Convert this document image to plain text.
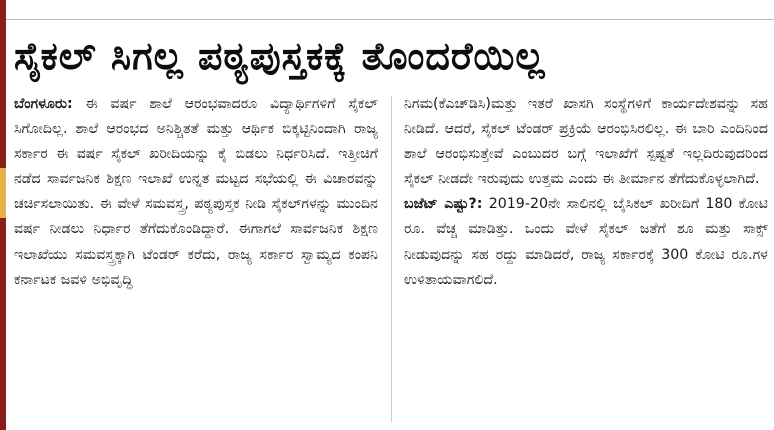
ಸೈಕಲ್ ಸಿಗಲ್ಲ ಪಠ್ಯಪುಸ್ತಕಕ್ಕೆ ತೊಂದರೆಯಿಲ್ಲ

ಬೆಂಗಳೂರು: ಈ ವರ್ಷ ಶಾಲೆ ಆರಂಭವಾದರೂ ವಿದ್ಯಾರ್ಥಿಗಳಿಗೆ ಸೈಕಲ್ ಸಿಗೋದಿಲ್ಲ. ಶಾಲೆ ಆರಂಭದ ಅನಿಶ್ಚಿತತೆ ಮತ್ತು ಆರ್ಥಿಕ ಬಿಕ್ಕಟ್ಟಿನಿಂದಾಗಿ ರಾಜ್ಯ ಸರ್ಕಾರ ಈ ವರ್ಷ ಸೈಕಲ್ ಖರೀದಿಯನ್ನು ಕೈ ಬಿಡಲು ನಿರ್ಧರಿಸಿದೆ. ಇತ್ತೀಚಿಗೆ ನಡೆದ ಸಾರ್ವಜನಿಕ ಶಿಕ್ಷಣ ಇಲಾಖೆ ಉನ್ನತ ಮಟ್ಟದ ಸಭೆಯಲ್ಲಿ ಈ ವಿಚಾರವನ್ನು ಚರ್ಚಿಸಲಾಯಿತು. ಈ ವೇಳೆ ಸಮವಸ್ತ್ರ, ಪಠ್ಯಪುಸ್ತಕ ನೀಡಿ ಸೈಕಲ್‌ಗಳನ್ನು ಮುಂದಿನ ವರ್ಷ ನೀಡಲು ನಿರ್ಧಾರ ತೆಗೆದುಕೊಂಡಿದ್ದಾರೆ. ಈಗಾಗಲೆ ಸಾರ್ವಜನಿಕ ಶಿಕ್ಷಣ ಇಲಾಖೆಯು ಸಮವಸ್ತ್ರಕ್ಕಾಗಿ ಟೆಂಡರ್ ಕರೆದು, ರಾಜ್ಯ ಸರ್ಕಾರ ಸ್ವಾಮ್ಯದ ಕಂಪನಿ ಕರ್ನಾಟಕ ಜವಳಿ ಅಭಿವೃದ್ಧಿ

ನಿಗಮ(ಕೆಎಚ್‌ಡಿಸಿ)ಮತ್ತು ಇತರೆ ಖಾಸಗಿ ಸಂಸ್ಥೆಗಳಿಗೆ ಕಾರ್ಯದೇಶವನ್ನು ಸಹ ನೀಡಿದೆ. ಆದರೆ, ಸೈಕಲ್ ಟೆಂಡರ್ ಪ್ರಕ್ರಿಯೆ ಆರಂಭಿಸಿರಲಿಲ್ಲ. ಈ ಬಾರಿ ಎಂದಿನಿಂದ ಶಾಲೆ ಆರಂಭಿಸುತ್ತೇವೆ ಎಂಬುದರ ಬಗ್ಗೆ ಇಲಾಖೆಗೆ ಸ್ಪಷ್ಟತೆ ಇಲ್ಲದಿರುವುದರಿಂದ ಸೈಕಲ್ ನೀಡದೇ ಇರುವುದು ಉತ್ತಮ ಎಂದು ಈ ತೀರ್ಮಾನ ತೆಗೆದುಕೊಳ್ಳಲಾಗಿದೆ.

ಬಜೆಟ್ ಎಷ್ಟು?: 2019-20ನೇ ಸಾಲಿನಲ್ಲಿ ಬೈಸಿಕಲ್ ಖರೀದಿಗೆ 180 ಕೋಟಿ ರೂ. ವೆಚ್ಚ ಮಾಡಿತ್ತು. ಒಂದು ವೇಳೆ ಸೈಕಲ್ ಜತೆಗೆ ಶೂ ಮತ್ತು ಸಾಕ್ಸ್ ನೀಡುವುದನ್ನು ಸಹ ರದ್ದು ಮಾಡಿದರೆ, ರಾಜ್ಯ ಸರ್ಕಾರಕ್ಕೆ 300 ಕೋಟಿ ರೂ.ಗಳ ಉಳಿತಾಯವಾಗಲಿದೆ.
